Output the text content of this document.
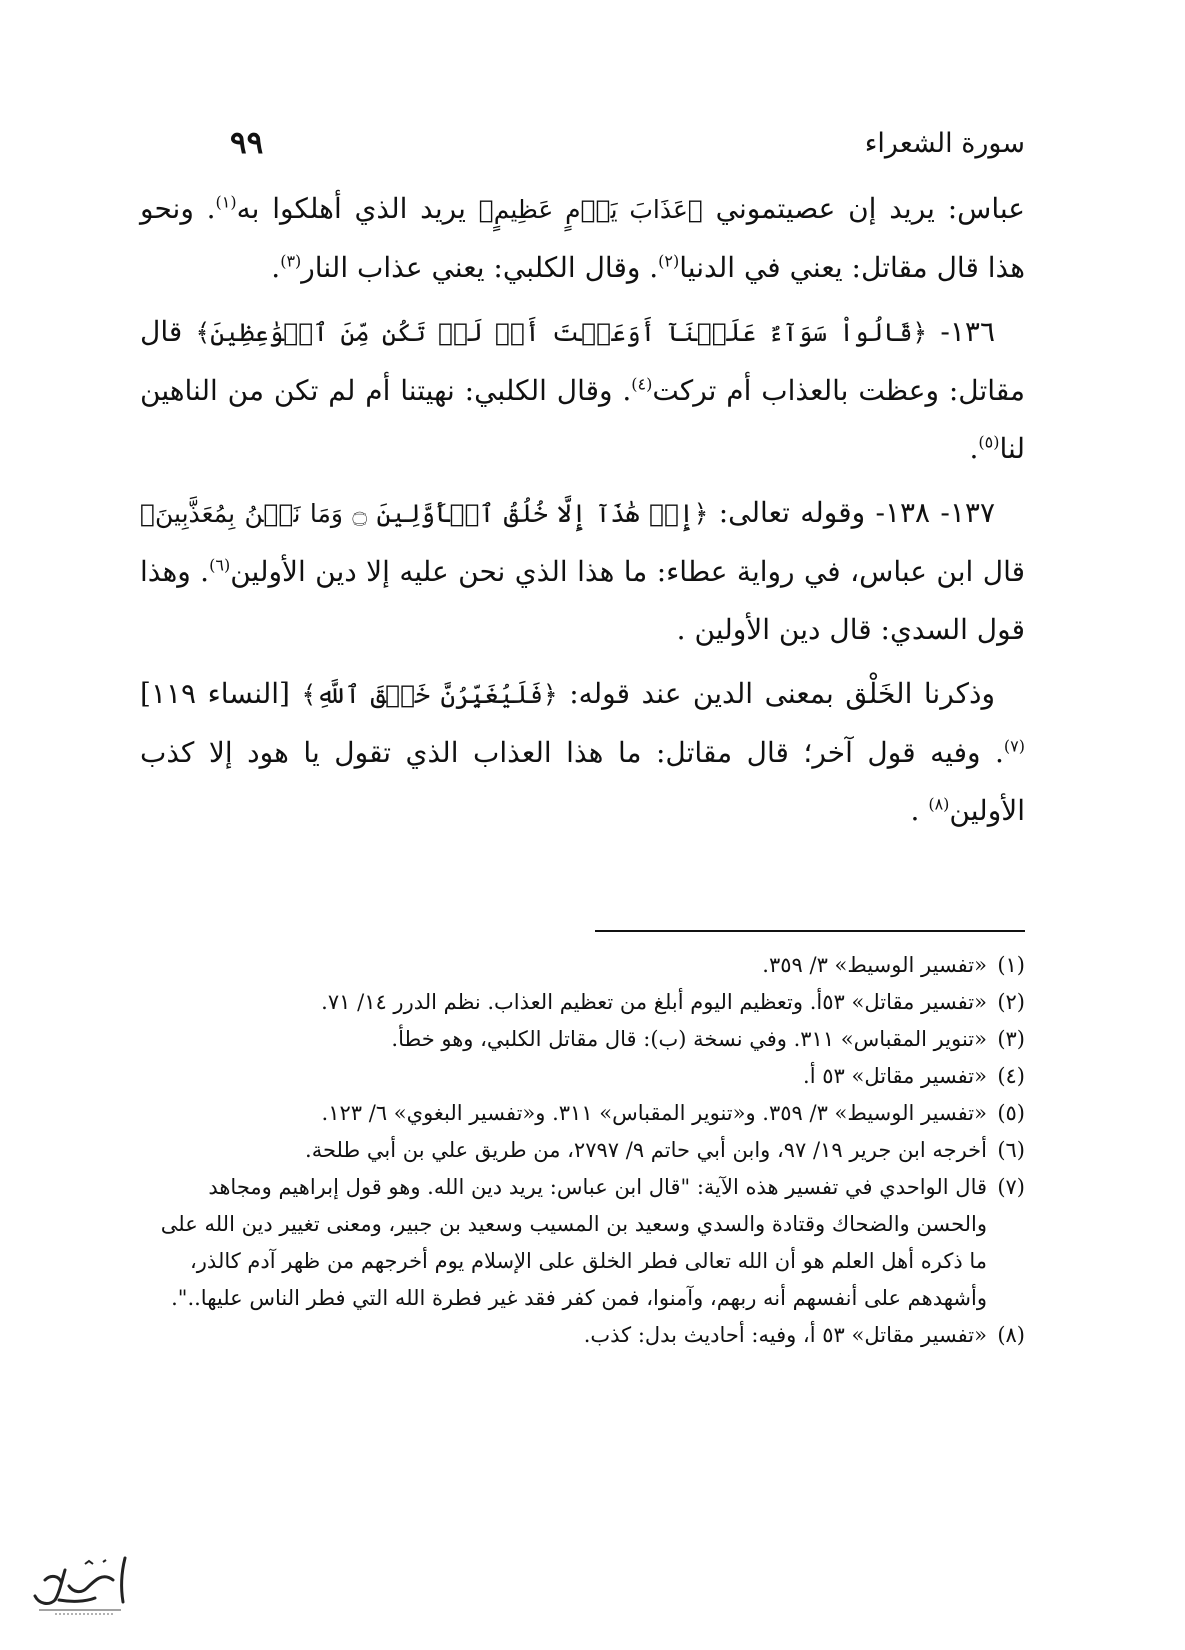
سورة الشعراء
٩٩

عباس: يريد إن عصيتموني ﴿عَذَابَ يَوۡمٍ عَظِيمٍ﴾ يريد الذي أهلكوا به$^{(١)}$. ونحو هذا قال مقاتل: يعني في الدنيا$^{(٢)}$. وقال الكلبي: يعني عذاب النار$^{(٣)}$.

١٣٦- ﴿قَالُواْ سَوَآءٌ عَلَيۡنَآ أَوَعَظۡتَ أَمۡ لَمۡ تَكُن مِّنَ ٱلۡوَٰعِظِينَ﴾ قال مقاتل: وعظت بالعذاب أم تركت$^{(٤)}$. وقال الكلبي: نهيتنا أم لم تكن من الناهين لنا$^{(٥)}$.

١٣٧- ١٣٨- وقوله تعالى: ﴿إِنۡ هَٰذَآ إِلَّا خُلُقُ ٱلۡأَوَّلِينَ ۝ وَمَا نَحۡنُ بِمُعَذَّبِينَ﴾ قال ابن عباس، في رواية عطاء: ما هذا الذي نحن عليه إلا دين الأولين$^{(٦)}$. وهذا قول السدي: قال دين الأولين .

وذكرنا الخَلْق بمعنى الدين عند قوله: ﴿فَلَيُغَيِّرُنَّ خَلۡقَ ٱللَّهِ﴾ [النساء ١١٩]$^{(٧)}$. وفيه قول آخر؛ قال مقاتل: ما هذا العذاب الذي تقول يا هود إلا كذب الأولين$^{(٨)}$ .

(١)«تفسير الوسيط» ٣/ ٣٥٩.

(٢)«تفسير مقاتل» ٥٣أ. وتعظيم اليوم أبلغ من تعظيم العذاب. نظم الدرر ١٤/ ٧١.

(٣)«تنوير المقباس» ٣١١. وفي نسخة (ب): قال مقاتل الكلبي، وهو خطأ.

(٤)«تفسير مقاتل» ٥٣ أ.

(٥)«تفسير الوسيط» ٣/ ٣٥٩. و«تنوير المقباس» ٣١١. و«تفسير البغوي» ٦/ ١٢٣.

(٦)أخرجه ابن جرير ١٩/ ٩٧، وابن أبي حاتم ٩/ ٢٧٩٧، من طريق علي بن أبي طلحة.

(٧)قال الواحدي في تفسير هذه الآية: "قال ابن عباس: يريد دين الله. وهو قول إبراهيم ومجاهد والحسن والضحاك وقتادة والسدي وسعيد بن المسيب وسعيد بن جبير، ومعنى تغيير دين الله على ما ذكره أهل العلم هو أن الله تعالى فطر الخلق على الإسلام يوم أخرجهم من ظهر آدم كالذر، وأشهدهم على أنفسهم أنه ربهم، وآمنوا، فمن كفر فقد غير فطرة الله التي فطر الناس عليها..".

(٨)«تفسير مقاتل» ٥٣ أ، وفيه: أحاديث بدل: كذب.
